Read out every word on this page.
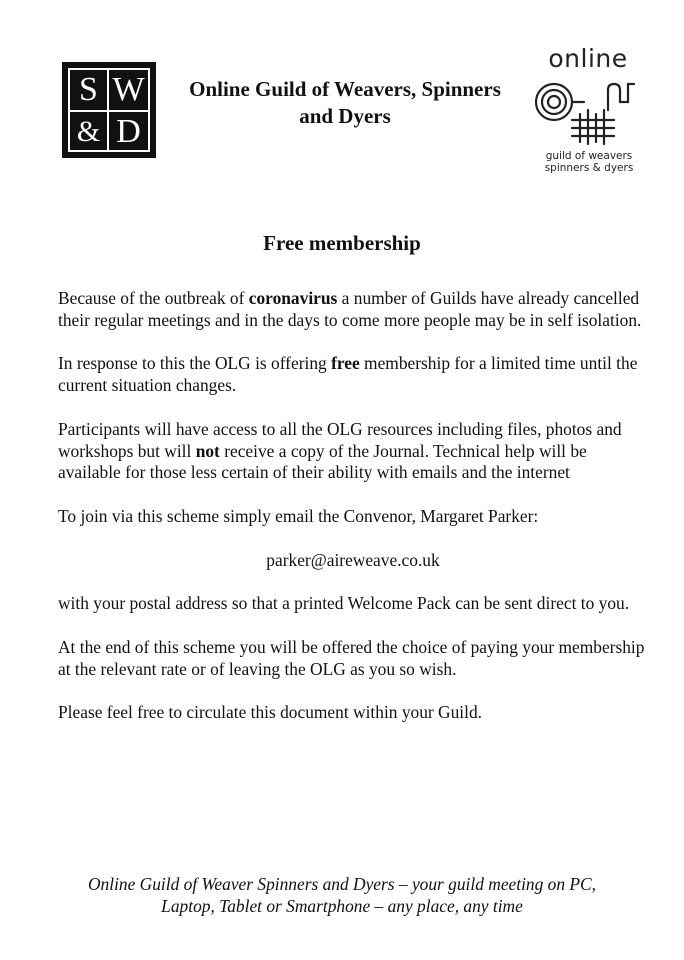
S W
& D
Online Guild of Weavers, Spinners
and Dyers
online
guild of weavers
spinners & dyers
Free membership

Because of the outbreak of coronavirus a number of Guilds have already cancelled their regular meetings and in the days to come more people may be in self isolation.

In response to this the OLG is offering free membership for a limited time until the current situation changes.

Participants will have access to all the OLG resources including files, photos and workshops but will not receive a copy of the Journal. Technical help will be available for those less certain of their ability with emails and the internet

To join via this scheme simply email the Convenor, Margaret Parker:

parker@aireweave.co.uk

with your postal address so that a printed Welcome Pack can be sent direct to you.

At the end of this scheme you will be offered the choice of paying your membership at the relevant rate or of leaving the OLG as you so wish.

Please feel free to circulate this document within your Guild.

Online Guild of Weaver Spinners and Dyers – your guild meeting on PC,
Laptop, Tablet or Smartphone – any place, any time
